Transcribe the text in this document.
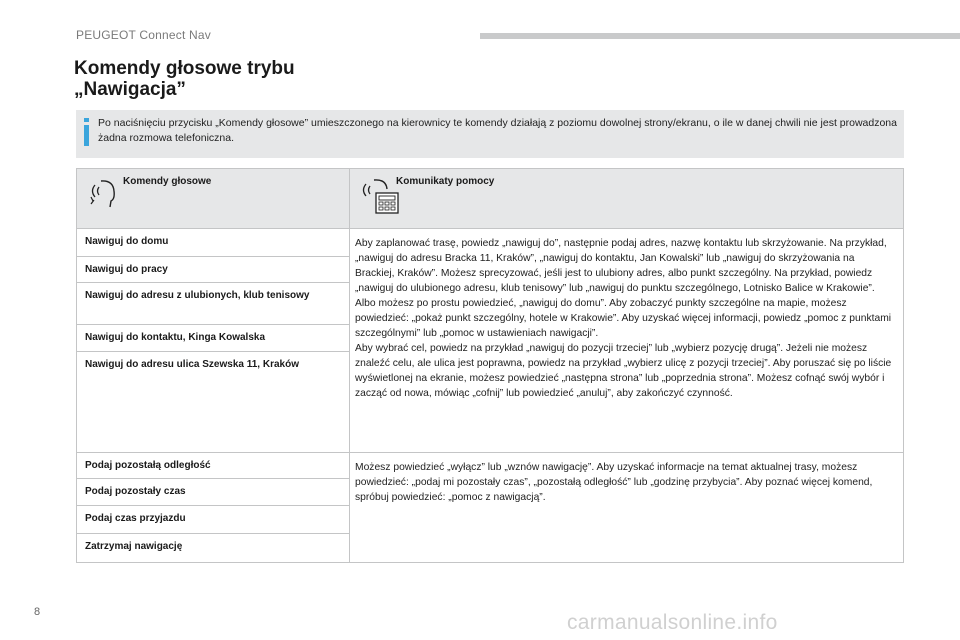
PEUGEOT Connect Nav
Komendy głosowe trybu
„Nawigacja”
Po naciśnięciu przycisku „Komendy głosowe” umieszczonego na kierownicy te komendy działają z poziomu dowolnej strony/ekranu, o ile w danej chwili nie jest prowadzona żadna rozmowa telefoniczna.
Komendy głosowe	Komunikaty pomocy
Nawiguj do domu
Nawiguj do pracy
Nawiguj do adresu z ulubionych, klub tenisowy
Nawiguj do kontaktu, Kinga Kowalska
Nawiguj do adresu ulica Szewska 11, Kraków
Aby zaplanować trasę, powiedz „nawiguj do”, następnie podaj adres, nazwę kontaktu lub skrzyżowanie. Na przykład, „nawiguj do adresu Bracka 11, Kraków”, „nawiguj do kontaktu, Jan Kowalski” lub „nawiguj do skrzyżowania na Brackiej, Kraków”. Możesz sprecyzować, jeśli jest to ulubiony adres, albo punkt szczególny. Na przykład, powiedz „nawiguj do ulubionego adresu, klub tenisowy” lub „nawiguj do punktu szczególnego, Lotnisko Balice w Krakowie”. Albo możesz po prostu powiedzieć, „nawiguj do domu”. Aby zobaczyć punkty szczególne na mapie, możesz powiedzieć: „pokaż punkt szczególny, hotele w Krakowie”. Aby uzyskać więcej informacji, powiedz „pomoc z punktami szczególnymi” lub „pomoc w ustawieniach nawigacji”.
Aby wybrać cel, powiedz na przykład „nawiguj do pozycji trzeciej” lub „wybierz pozycję drugą”. Jeżeli nie możesz znaleźć celu, ale ulica jest poprawna, powiedz na przykład „wybierz ulicę z pozycji trzeciej”. Aby poruszać się po liście wyświetlonej na ekranie, możesz powiedzieć „następna strona” lub „poprzednia strona”. Możesz cofnąć swój wybór i zacząć od nowa, mówiąc „cofnij” lub powiedzieć „anuluj”, aby zakończyć czynność.
Podaj pozostałą odległość
Podaj pozostały czas
Podaj czas przyjazdu
Zatrzymaj nawigację
Możesz powiedzieć „wyłącz” lub „wznów nawigację”. Aby uzyskać informacje na temat aktualnej trasy, możesz powiedzieć: „podaj mi pozostały czas”, „pozostałą odległość” lub „godzinę przybycia”. Aby poznać więcej komend, spróbuj powiedzieć: „pomoc z nawigacją”.
8	carmanualsonline.info
